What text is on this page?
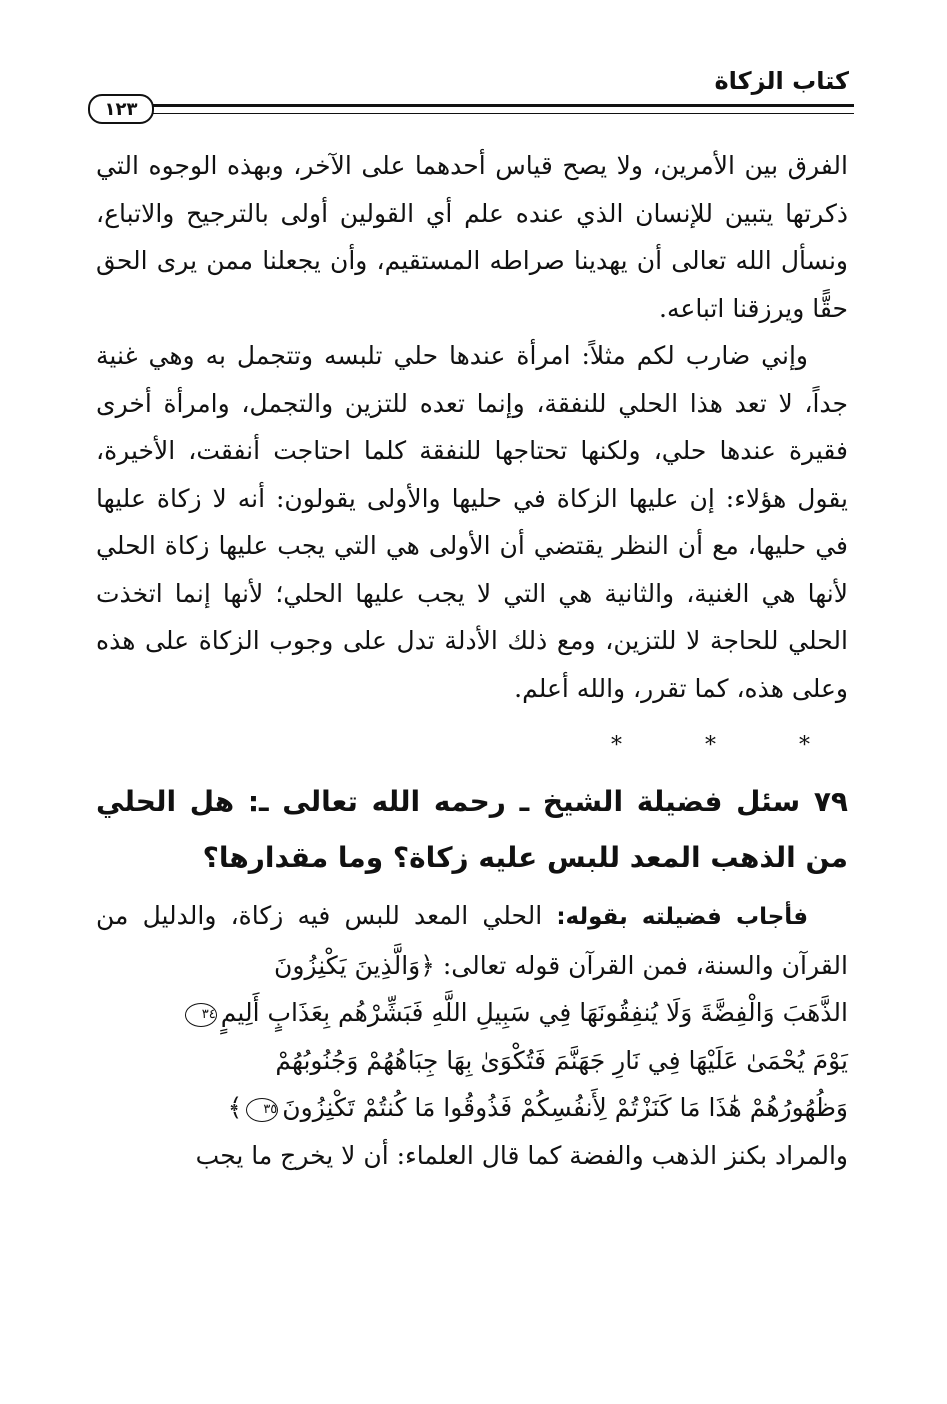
كتاب الزكاة
١٢٣

الفرق بين الأمرين، ولا يصح قياس أحدهما على الآخر، وبهذه الوجوه التي ذكرتها يتبين للإنسان الذي عنده علم أي القولين أولى بالترجيح والاتباع، ونسأل الله تعالى أن يهدينا صراطه المستقيم، وأن يجعلنا ممن يرى الحق حقًّا ويرزقنا اتباعه.

وإني ضارب لكم مثلاً: امرأة عندها حلي تلبسه وتتجمل به وهي غنية جداً، لا تعد هذا الحلي للنفقة، وإنما تعده للتزين والتجمل، وامرأة أخرى فقيرة عندها حلي، ولكنها تحتاجها للنفقة كلما احتاجت أنفقت، الأخيرة، يقول هؤلاء: إن عليها الزكاة في حليها والأولى يقولون: أنه لا زكاة عليها في حليها، مع أن النظر يقتضي أن الأولى هي التي يجب عليها زكاة الحلي لأنها هي الغنية، والثانية هي التي لا يجب عليها الحلي؛ لأنها إنما اتخذت الحلي للحاجة لا للتزين، ومع ذلك الأدلة تدل على وجوب الزكاة على هذه وعلى هذه، كما تقرر، والله أعلم.

* * *
٧٩ سئل فضيلة الشيخ ـ رحمه الله تعالى ـ: هل الحلي من الذهب المعد للبس عليه زكاة؟ وما مقدارها؟

فأجاب فضيلته بقوله: الحلي المعد للبس فيه زكاة، والدليل من القرآن والسنة، فمن القرآن قوله تعالى: ﴿وَالَّذِينَ يَكْنِزُونَ

الذَّهَبَ وَالْفِضَّةَ وَلَا يُنفِقُونَهَا فِي سَبِيلِ اللَّهِ فَبَشِّرْهُم بِعَذَابٍ أَلِيمٍ٣٤

يَوْمَ يُحْمَىٰ عَلَيْهَا فِي نَارِ جَهَنَّمَ فَتُكْوَىٰ بِهَا جِبَاهُهُمْ وَجُنُوبُهُمْ

وَظُهُورُهُمْ هَٰذَا مَا كَنَزْتُمْ لِأَنفُسِكُمْ فَذُوقُوا مَا كُنتُمْ تَكْنِزُونَ٣٥﴾

والمراد بكنز الذهب والفضة كما قال العلماء: أن لا يخرج ما يجب
